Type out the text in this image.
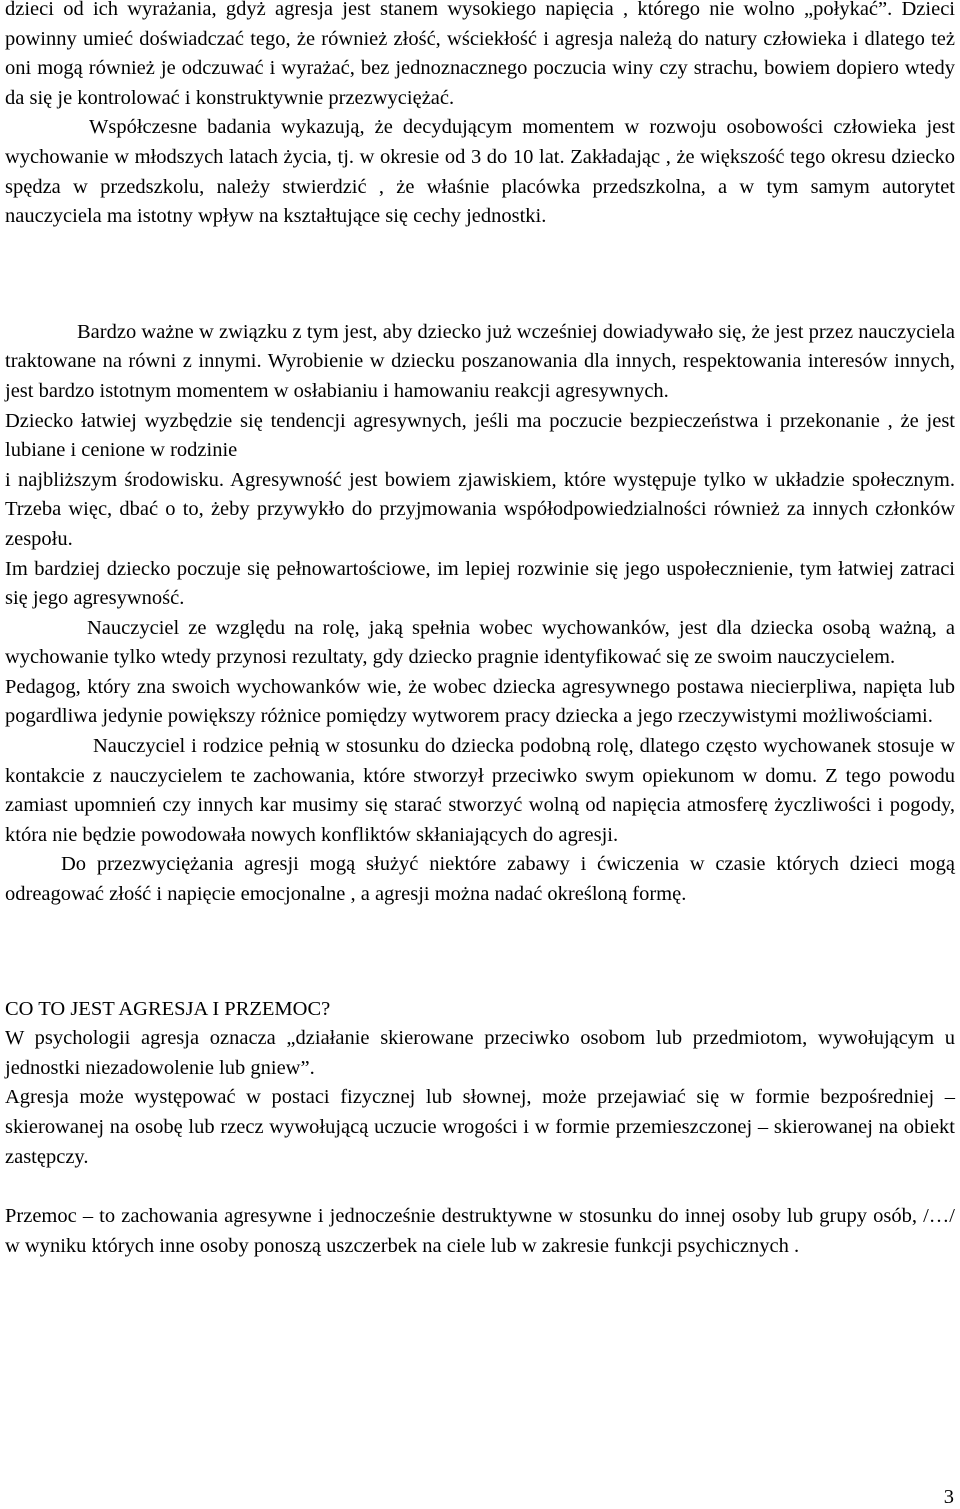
dzieci od ich wyrażania, gdyż agresja jest stanem wysokiego napięcia , którego nie wolno „połykać”. Dzieci powinny umieć doświadczać tego, że również złość, wściekłość i agresja należą do natury człowieka i dlatego też oni mogą również je odczuwać i wyrażać, bez jednoznacznego poczucia winy czy strachu, bowiem dopiero wtedy da się je kontrolować i konstruktywnie przezwyciężać.

Współczesne badania wykazują, że decydującym momentem w rozwoju osobowości człowieka jest wychowanie w młodszych latach życia, tj. w okresie od 3 do 10 lat. Zakładając , że większość tego okresu dziecko spędza w przedszkolu, należy stwierdzić , że właśnie placówka przedszkolna, a w tym samym autorytet nauczyciela ma istotny wpływ na kształtujące się cechy jednostki.

Bardzo ważne w związku z tym jest, aby dziecko już wcześniej dowiadywało się, że jest przez nauczyciela traktowane na równi z innymi. Wyrobienie w dziecku poszanowania dla innych, respektowania interesów innych, jest bardzo istotnym momentem w osłabianiu i hamowaniu reakcji agresywnych.

Dziecko łatwiej wyzbędzie się tendencji agresywnych, jeśli ma poczucie bezpieczeństwa i przekonanie , że jest lubiane i cenione w rodzinie

i najbliższym środowisku. Agresywność jest bowiem zjawiskiem, które występuje tylko w układzie społecznym. Trzeba więc, dbać o to, żeby przywykło do przyjmowania współodpowiedzialności również za innych członków zespołu.

Im bardziej dziecko poczuje się pełnowartościowe, im lepiej rozwinie się jego uspołecznienie, tym łatwiej zatraci się jego agresywność.

Nauczyciel ze względu na rolę, jaką spełnia wobec wychowanków, jest dla dziecka osobą ważną, a wychowanie tylko wtedy przynosi rezultaty, gdy dziecko pragnie identyfikować się ze swoim nauczycielem.

Pedagog, który zna swoich wychowanków wie, że wobec dziecka agresywnego postawa niecierpliwa, napięta lub pogardliwa jedynie powiększy różnice pomiędzy wytworem pracy dziecka a jego rzeczywistymi możliwościami.

Nauczyciel i rodzice pełnią w stosunku do dziecka podobną rolę, dlatego często wychowanek stosuje w kontakcie z nauczycielem te zachowania, które stworzył przeciwko swym opiekunom w domu. Z tego powodu zamiast upomnień czy innych kar musimy się starać stworzyć wolną od napięcia atmosferę życzliwości i pogody, która nie będzie powodowała nowych konfliktów skłaniających do agresji.

Do przezwyciężania agresji mogą służyć niektóre zabawy i ćwiczenia w czasie których dzieci mogą odreagować złość i napięcie emocjonalne , a agresji można nadać określoną formę.

CO TO JEST AGRESJA I PRZEMOC?

W psychologii agresja oznacza „działanie skierowane przeciwko osobom lub przedmiotom, wywołującym u jednostki niezadowolenie lub gniew”.

Agresja może występować w postaci fizycznej lub słownej, może przejawiać się w formie bezpośredniej – skierowanej na osobę lub rzecz wywołującą uczucie wrogości i w formie przemieszczonej – skierowanej na obiekt zastępczy.

Przemoc – to zachowania agresywne i jednocześnie destruktywne w stosunku do innej osoby lub grupy osób, /…/ w wyniku których inne osoby ponoszą uszczerbek na ciele lub w zakresie funkcji psychicznych .

3
